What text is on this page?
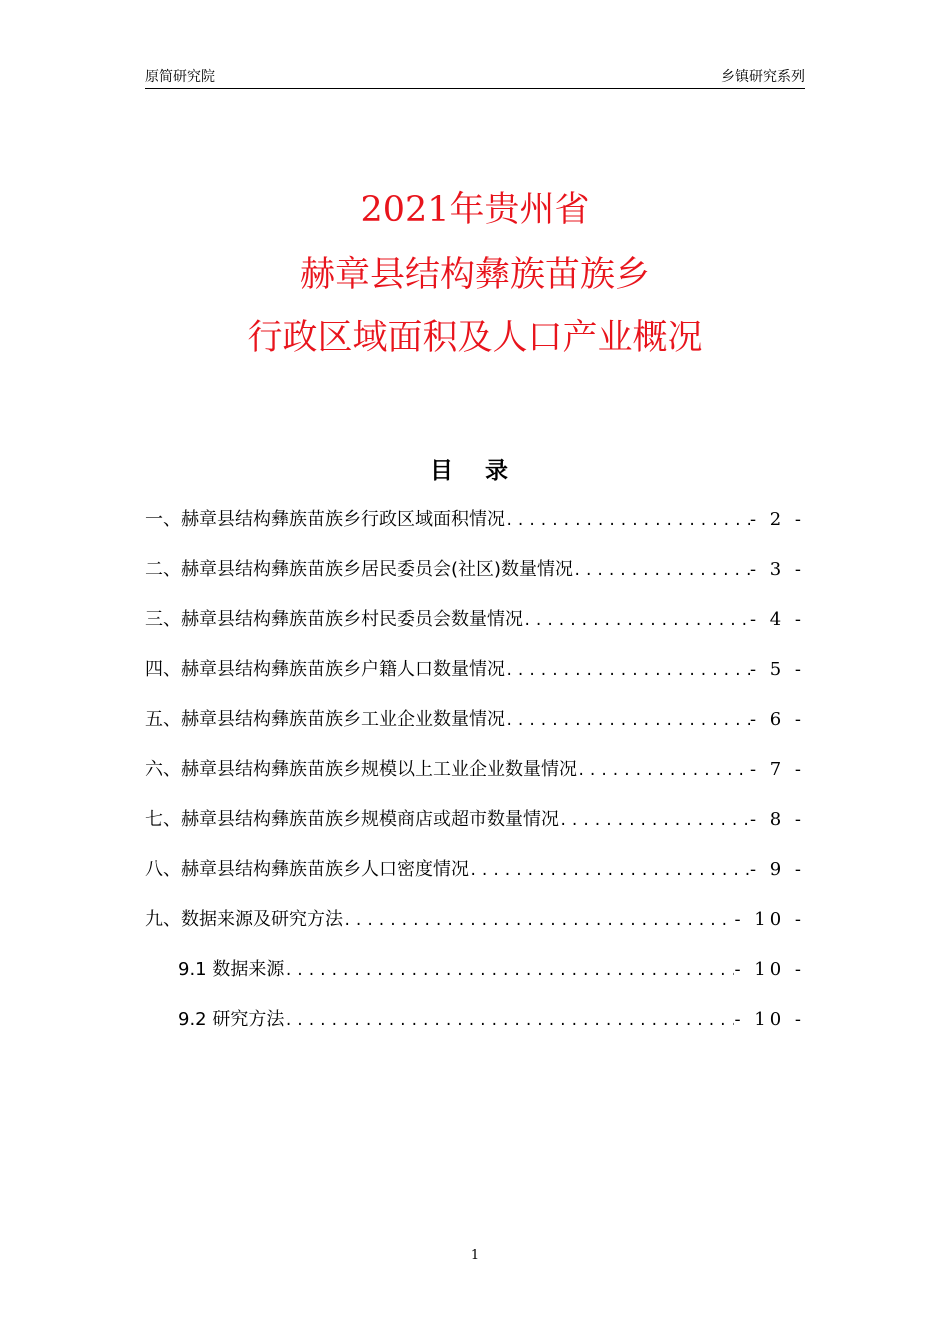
原简研究院	乡镇研究系列
2021年贵州省
赫章县结构彝族苗族乡
行政区域面积及人口产业概况
目 录
一、赫章县结构彝族苗族乡行政区域面积情况 .....	- 2 -
二、赫章县结构彝族苗族乡居民委员会(社区)数量情况 .....	- 3 -
三、赫章县结构彝族苗族乡村民委员会数量情况 .....	- 4 -
四、赫章县结构彝族苗族乡户籍人口数量情况 .....	- 5 -
五、赫章县结构彝族苗族乡工业企业数量情况 .....	- 6 -
六、赫章县结构彝族苗族乡规模以上工业企业数量情况 .....	- 7 -
七、赫章县结构彝族苗族乡规模商店或超市数量情况 .....	- 8 -
八、赫章县结构彝族苗族乡人口密度情况 .....	- 9 -
九、数据来源及研究方法 .....	- 10 -
9.1 数据来源 .....	- 10 -
9.2 研究方法 .....	- 10 -
1
